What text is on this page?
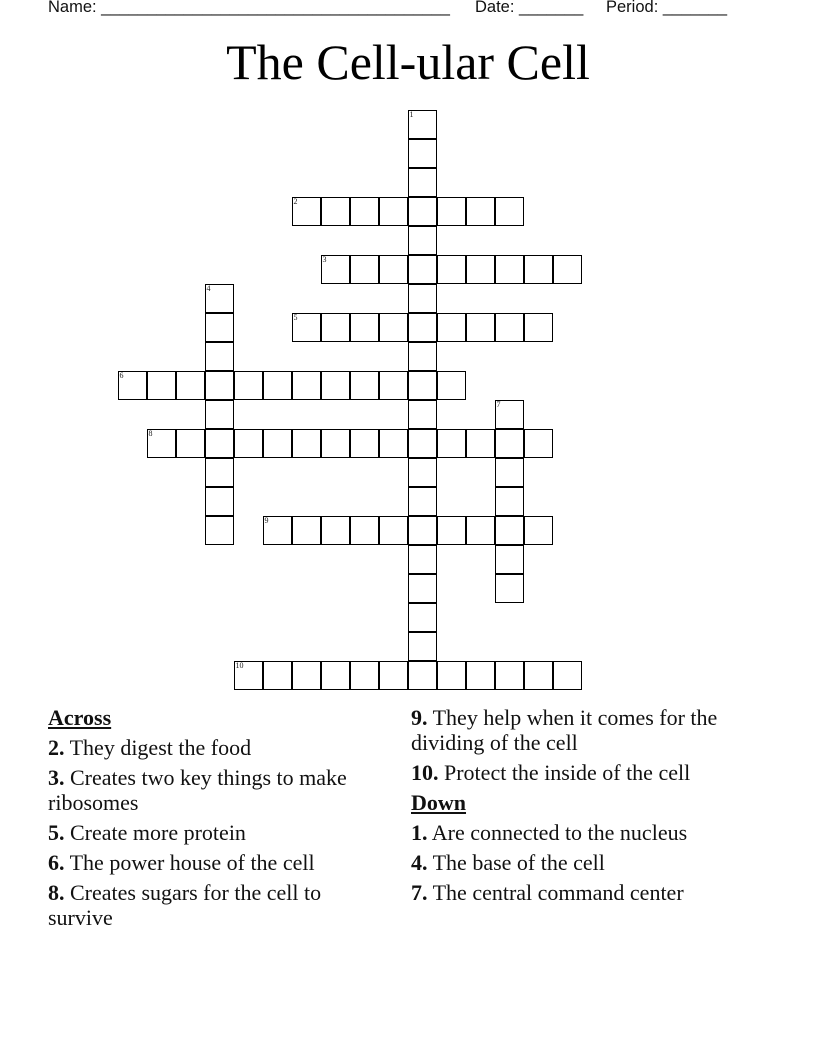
Name: ______________________________________ Date: _______ Period: _______
The Cell-ular Cell
1
2
3
4
5
6
7
8
9
10
Across
2. They digest the food
3. Creates two key things to make ribosomes
5. Create more protein
6. The power house of the cell
8. Creates sugars for the cell to survive
9. They help when it comes for the dividing of the cell
10. Protect the inside of the cell
Down
1. Are connected to the nucleus
4. The base of the cell
7. The central command center
